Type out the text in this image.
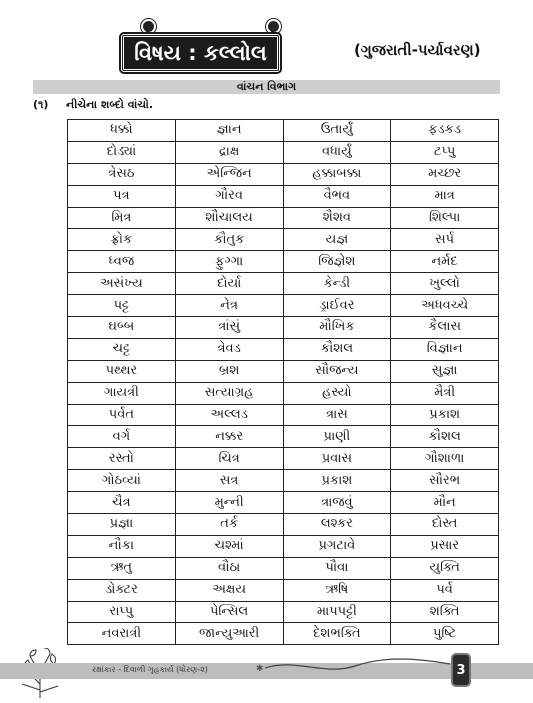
વિષય : કલ્લોલ	(ગુજરાતી-પર્યાવરણ)
વાંચન વિભાગ
(૧) નીચેના શબ્દો વાંચો.
ધક્કો	જ્ઞાન	ઉતાર્યું	ફડકડ
દોડ્યાં	દ્રાક્ષ	વધાર્યું	ટપ્પુ
ત્રેસઠ	એન્જિન	હક્કાબક્કા	મચ્છર
પત્ર	ગૌરવ	વૈભવ	માત્ર
મિત્ર	શૌચાલય	શૈશવ	શિલ્પા
ફ્રોક	કૌતુક	યજ્ઞ	સર્પ
ધ્વજ	ફુગ્ગા	જિજ્ઞેશ	નર્મદ
અસંખ્ય	દોર્યા	કેન્ડી	ખુલ્લો
પટ્ટ	નેત્ર	ડ્રાઈવર	અધવચ્ચે
ઘબ્બ	ત્રાંસું	મૌખિક	કૈલાસ
ચટ્ટ	ત્રેવડ	કૌશલ	વિજ્ઞાન
પથ્થર	બ્રશ	સૌજન્ય	સુજ્ઞા
ગાયત્રી	સત્યાગ્રહ	હસ્યો	મૈત્રી
પર્વત	અલ્લડ	ત્રાસ	પ્રકાશ
વર્ગ	નક્કર	પ્રાણી	કૌશલ
રસ્તો	ચિત્ર	પ્રવાસ	ગૌશાળા
ગોઠવ્યાં	સત્ર	પ્રકાશ	સૌરભ
ચૈત્ર	મુન્ની	ત્રાજવું	મૌન
પ્રજ્ઞા	તર્ક	લશ્કર	દોસ્ત
નૌકા	ચશ્માં	પ્રગટાવે	પ્રસાર
ઋતુ	વૌઠા	પૌવા	યુક્તિ
ડોક્ટર	અક્ષય	ઋષિ	પર્વ
રાપ્પુ	પેન્સિલ	માપપટ્ટી	શક્તિ
નવરાત્રી	જાન્યુઆરી	દેશભક્તિ	પુષ્ટિ
રક્ષાંકાર - દિવાળી ગૃહકાર્ય (ધોરણ-૨)	✱	3
